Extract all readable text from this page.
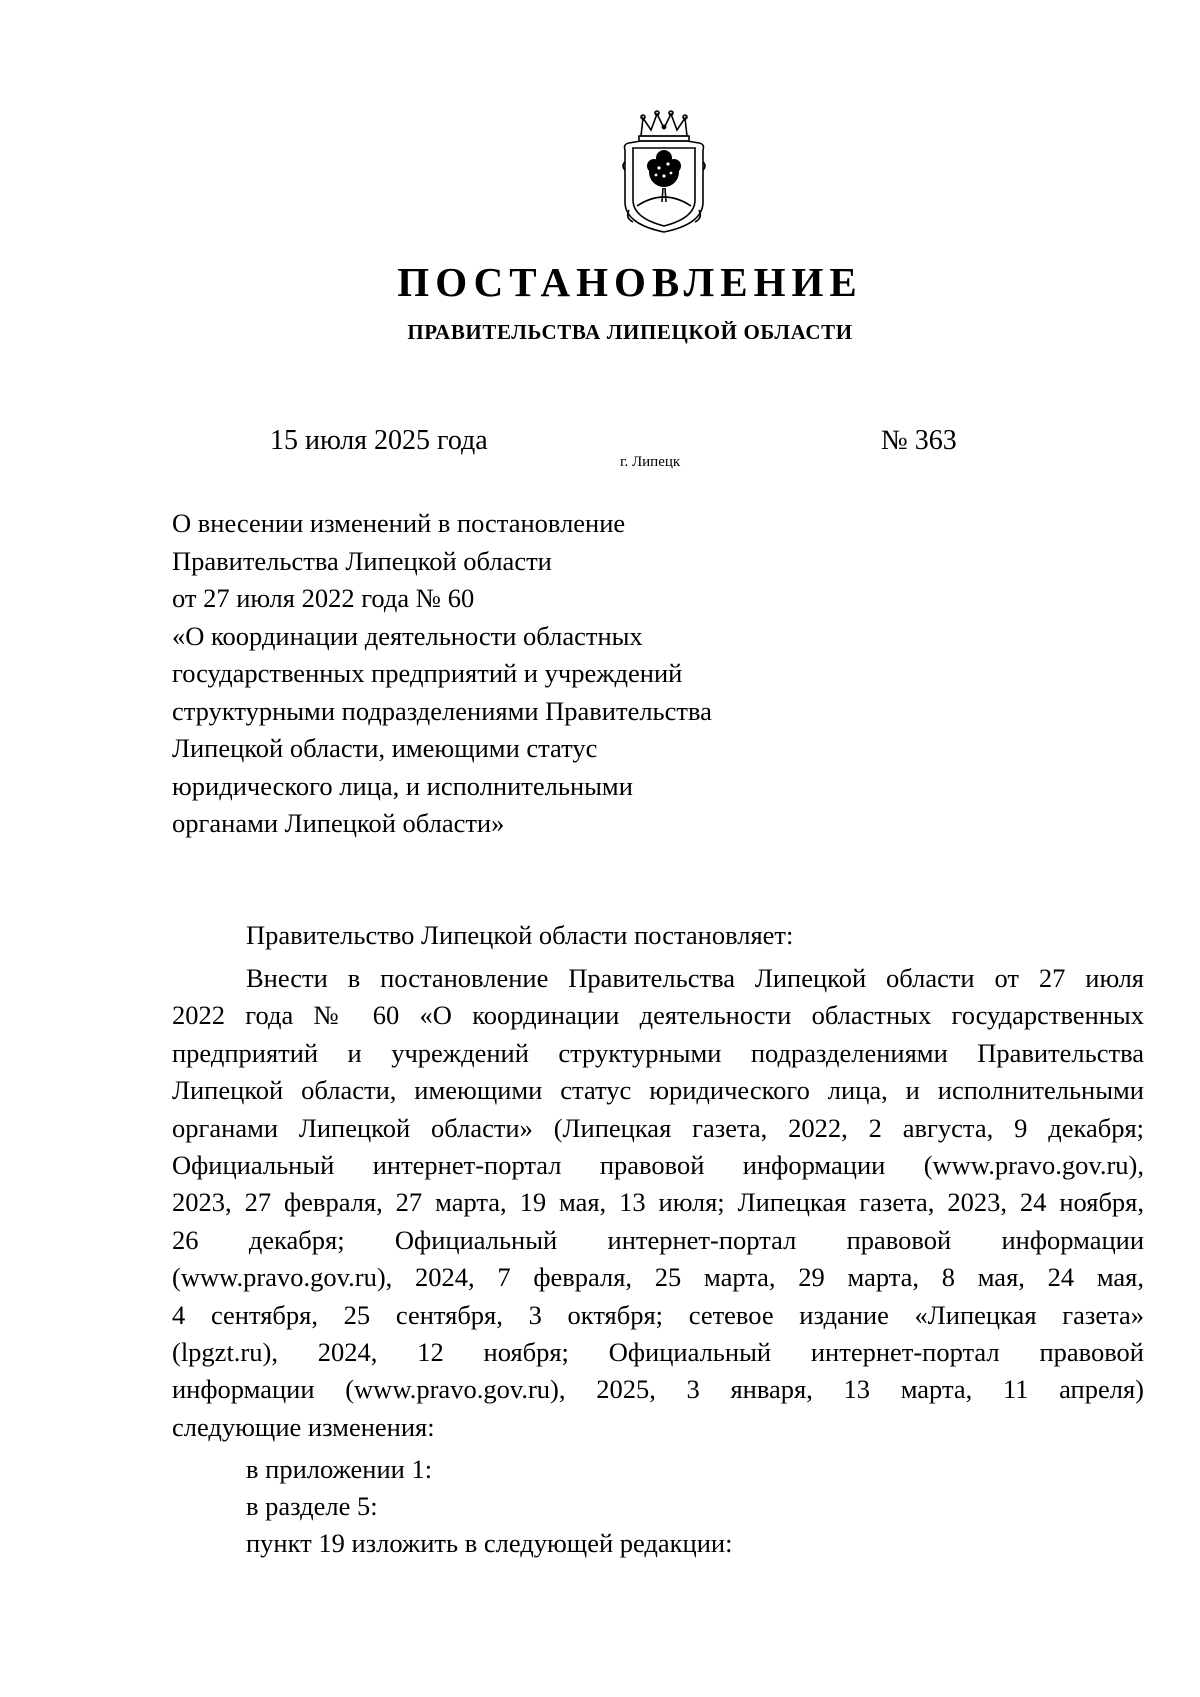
ПОСТАНОВЛЕНИЕ
ПРАВИТЕЛЬСТВА ЛИПЕЦКОЙ ОБЛАСТИ
15 июля 2025 года
г. Липецк
№ 363
О внесении изменений в постановление
Правительства Липецкой области
от 27 июля 2022 года № 60
«О координации деятельности областных
государственных предприятий и учреждений
структурными подразделениями Правительства
Липецкой области, имеющими статус
юридического лица, и исполнительными
органами Липецкой области»
Правительство Липецкой области постановляет:
Внести в постановление Правительства Липецкой области от 27 июля
2022 года № 60 «О координации деятельности областных государственных
предприятий и учреждений структурными подразделениями Правительства
Липецкой области, имеющими статус юридического лица, и исполнительными
органами Липецкой области» (Липецкая газета, 2022, 2 августа, 9 декабря;
Официальный интернет-портал правовой информации (www.pravo.gov.ru),
2023, 27 февраля, 27 марта, 19 мая, 13 июля; Липецкая газета, 2023, 24 ноября,
26 декабря; Официальный интернет-портал правовой информации
(www.pravo.gov.ru), 2024, 7 февраля, 25 марта, 29 марта, 8 мая, 24 мая,
4 сентября, 25 сентября, 3 октября; сетевое издание «Липецкая газета»
(lpgzt.ru), 2024, 12 ноября; Официальный интернет-портал правовой
информации (www.pravo.gov.ru), 2025, 3 января, 13 марта, 11 апреля)
следующие изменения:
в приложении 1:
в разделе 5:
пункт 19 изложить в следующей редакции:
